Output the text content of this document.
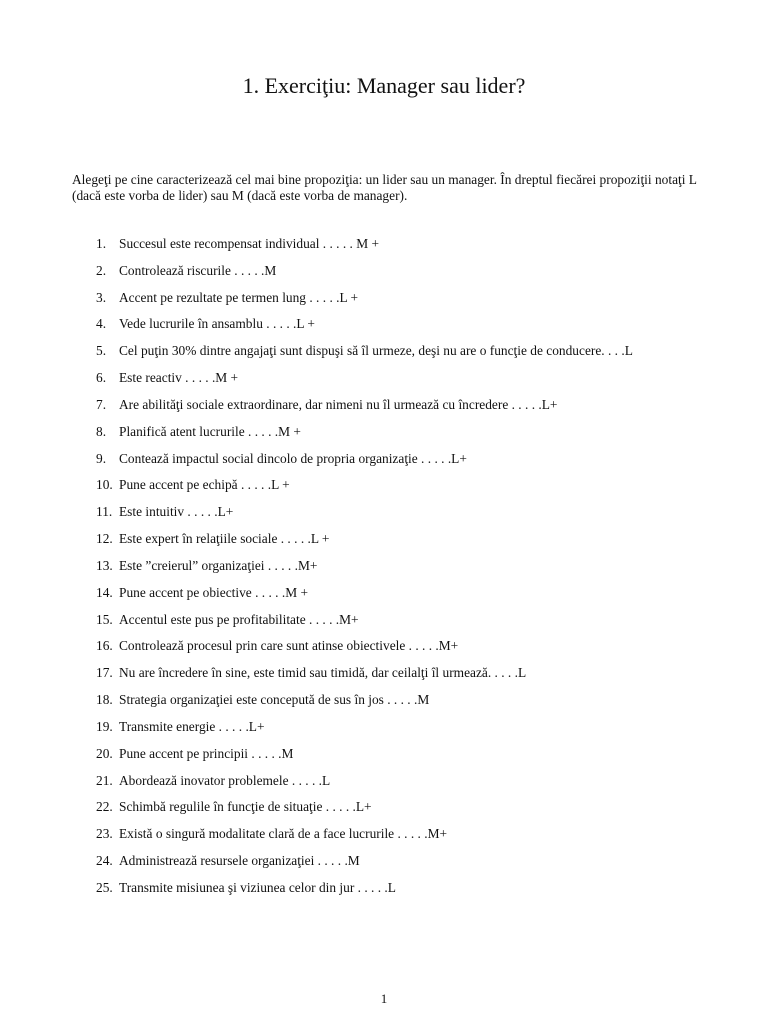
1. Exerciţiu: Manager sau lider?

Alegeţi pe cine caracterizează cel mai bine propoziţia: un lider sau un manager. În dreptul fiecărei propoziţii notaţi L (dacă este vorba de lider) sau M (dacă este vorba de manager).

1. Succesul este recompensat individual . . . . . M +
2. Controlează riscurile . . . . .M
3. Accent pe rezultate pe termen lung . . . . .L +
4. Vede lucrurile în ansamblu . . . . .L +
5. Cel puţin 30% dintre angajaţi sunt dispuşi să îl urmeze, deşi nu are o funcţie de conducere. . . .L
6. Este reactiv . . . . .M +
7. Are abilităţi sociale extraordinare, dar nimeni nu îl urmează cu încredere . . . . .L+
8. Planifică atent lucrurile . . . . .M +
9. Contează impactul social dincolo de propria organizaţie . . . . .L+
10. Pune accent pe echipă . . . . .L +
11. Este intuitiv . . . . .L+
12. Este expert în relaţiile sociale . . . . .L +
13. Este ”creierul” organizaţiei . . . . .M+
14. Pune accent pe obiective . . . . .M +
15. Accentul este pus pe profitabilitate . . . . .M+
16. Controlează procesul prin care sunt atinse obiectivele . . . . .M+
17. Nu are încredere în sine, este timid sau timidă, dar ceilalţi îl urmează. . . . .L
18. Strategia organizaţiei este concepută de sus în jos . . . . .M
19. Transmite energie . . . . .L+
20. Pune accent pe principii . . . . .M
21. Abordează inovator problemele . . . . .L
22. Schimbă regulile în funcţie de situaţie . . . . .L+
23. Există o singură modalitate clară de a face lucrurile . . . . .M+
24. Administrează resursele organizaţiei . . . . .M
25. Transmite misiunea şi viziunea celor din jur . . . . .L
1
